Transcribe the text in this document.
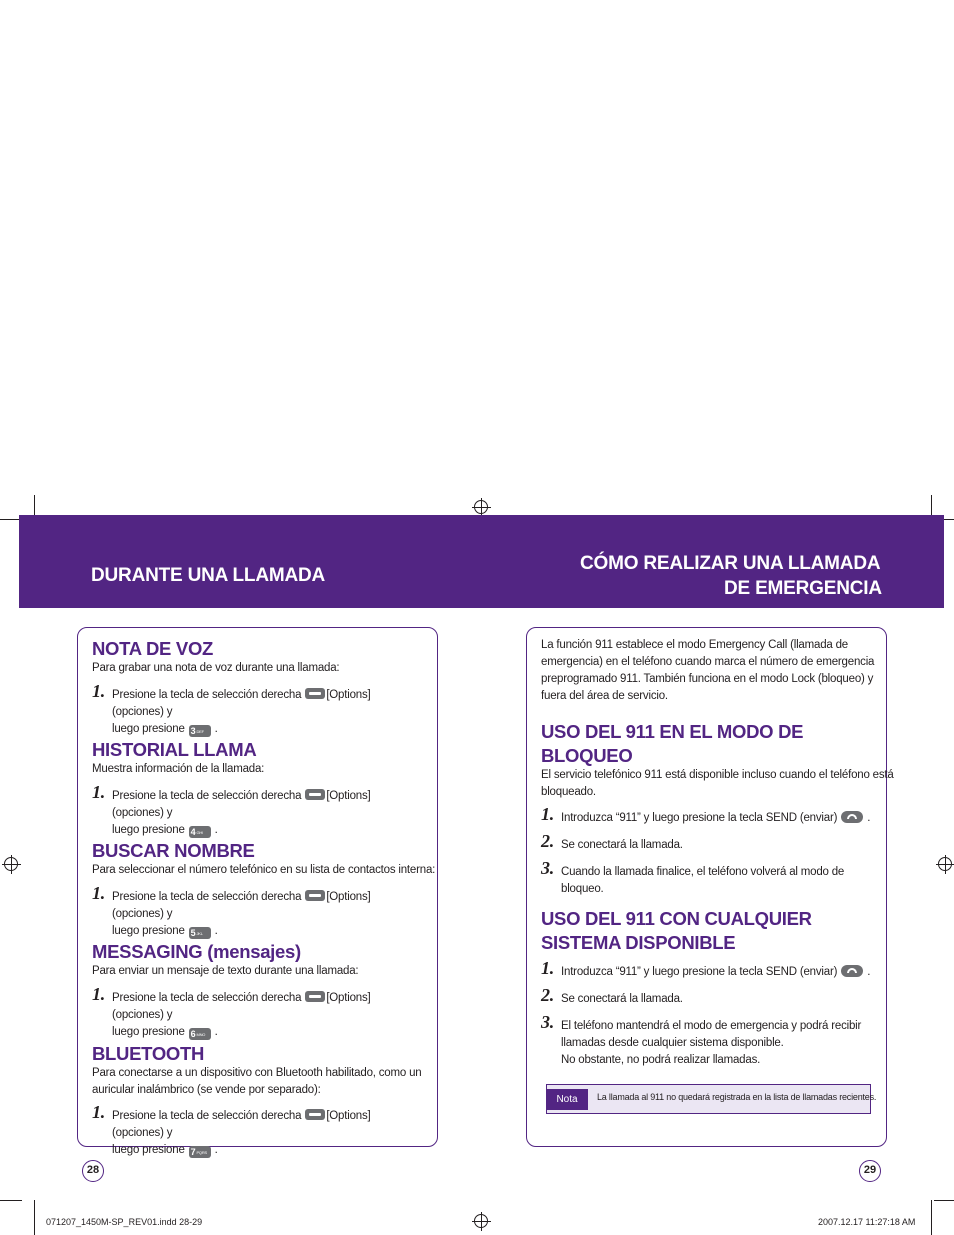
DURANTE UNA LLAMADA
CÓMO REALIZAR UNA LLAMADA
DE EMERGENCIA
NOTA DE VOZ
Para grabar una nota de voz durante una llamada:
1. Presione la tecla de selección derecha [Options] (opciones) y
luego presione 3DEF .
HISTORIAL LLAMA
Muestra información de la llamada:
1. Presione la tecla de selección derecha [Options] (opciones) y
luego presione 4GHI .
BUSCAR NOMBRE
Para seleccionar el número telefónico en su lista de contactos interna:
1. Presione la tecla de selección derecha [Options] (opciones) y
luego presione 5JKL .
MESSAGING (mensajes)
Para enviar un mensaje de texto durante una llamada:
1. Presione la tecla de selección derecha [Options] (opciones) y
luego presione 6MNO .
BLUETOOTH
Para conectarse a un dispositivo con Bluetooth habilitado, como un
auricular inalámbrico (se vende por separado):
1. Presione la tecla de selección derecha [Options] (opciones) y
luego presione 7PQRS .
La función 911 establece el modo Emergency Call (llamada de
emergencia) en el teléfono cuando marca el número de emergencia
preprogramado 911. También funciona en el modo Lock (bloqueo) y
fuera del área de servicio.
USO DEL 911 EN EL MODO DE
BLOQUEO
El servicio telefónico 911 está disponible incluso cuando el teléfono está
bloqueado.
1. Introduzca “911” y luego presione la tecla SEND (enviar)	.
2. Se conectará la llamada.
3. Cuando la llamada finalice, el teléfono volverá al modo de bloqueo.
USO DEL 911 CON CUALQUIER
SISTEMA DISPONIBLE
1. Introduzca “911” y luego presione la tecla SEND (enviar)	.
2. Se conectará la llamada.
3. El teléfono mantendrá el modo de emergencia y podrá recibir
llamadas desde cualquier sistema disponible.
No obstante, no podrá realizar llamadas.
Nota	La llamada al 911 no quedará registrada en la lista de llamadas recientes.
28	29
071207_1450M-SP_REV01.indd 28-29	2007.12.17 11:27:18 AM
